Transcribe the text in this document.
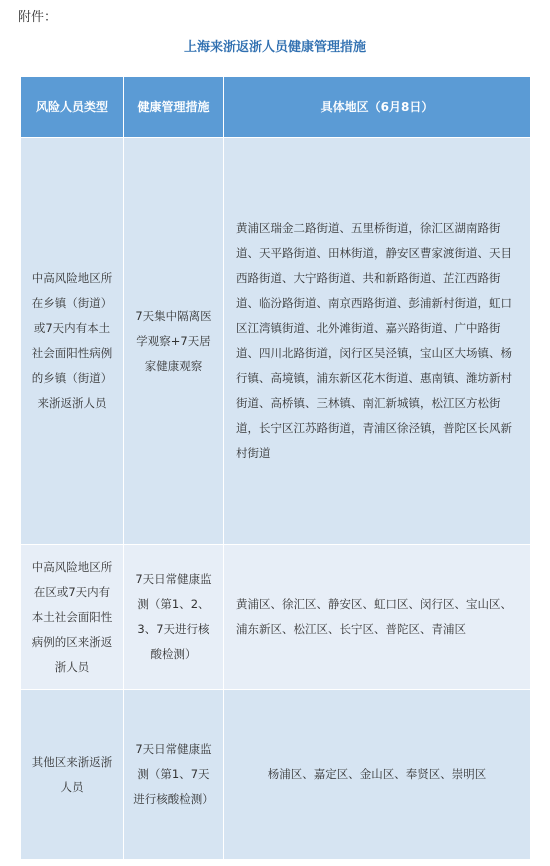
附件：
上海来浙返浙人员健康管理措施
风险人员类型	健康管理措施	具体地区（6月8日）
中高风险地区所在乡镇（街道）或7天内有本土社会面阳性病例的乡镇（街道）来浙返浙人员	7天集中隔离医学观察+7天居家健康观察	黄浦区瑞金二路街道、五里桥街道，徐汇区湖南路街道、天平路街道、田林街道，静安区曹家渡街道、天目西路街道、大宁路街道、共和新路街道、芷江西路街道、临汾路街道、南京西路街道、彭浦新村街道，虹口区江湾镇街道、北外滩街道、嘉兴路街道、广中路街道、四川北路街道，闵行区吴泾镇，宝山区大场镇、杨行镇、高境镇，浦东新区花木街道、惠南镇、潍坊新村街道、高桥镇、三林镇、南汇新城镇，松江区方松街道，长宁区江苏路街道，青浦区徐泾镇，普陀区长风新村街道
中高风险地区所在区或7天内有本土社会面阳性病例的区来浙返浙人员	7天日常健康监测（第1、2、3、7天进行核酸检测）	黄浦区、徐汇区、静安区、虹口区、闵行区、宝山区、浦东新区、松江区、长宁区、普陀区、青浦区
其他区来浙返浙人员	7天日常健康监测（第1、7天进行核酸检测）	杨浦区、嘉定区、金山区、奉贤区、崇明区
